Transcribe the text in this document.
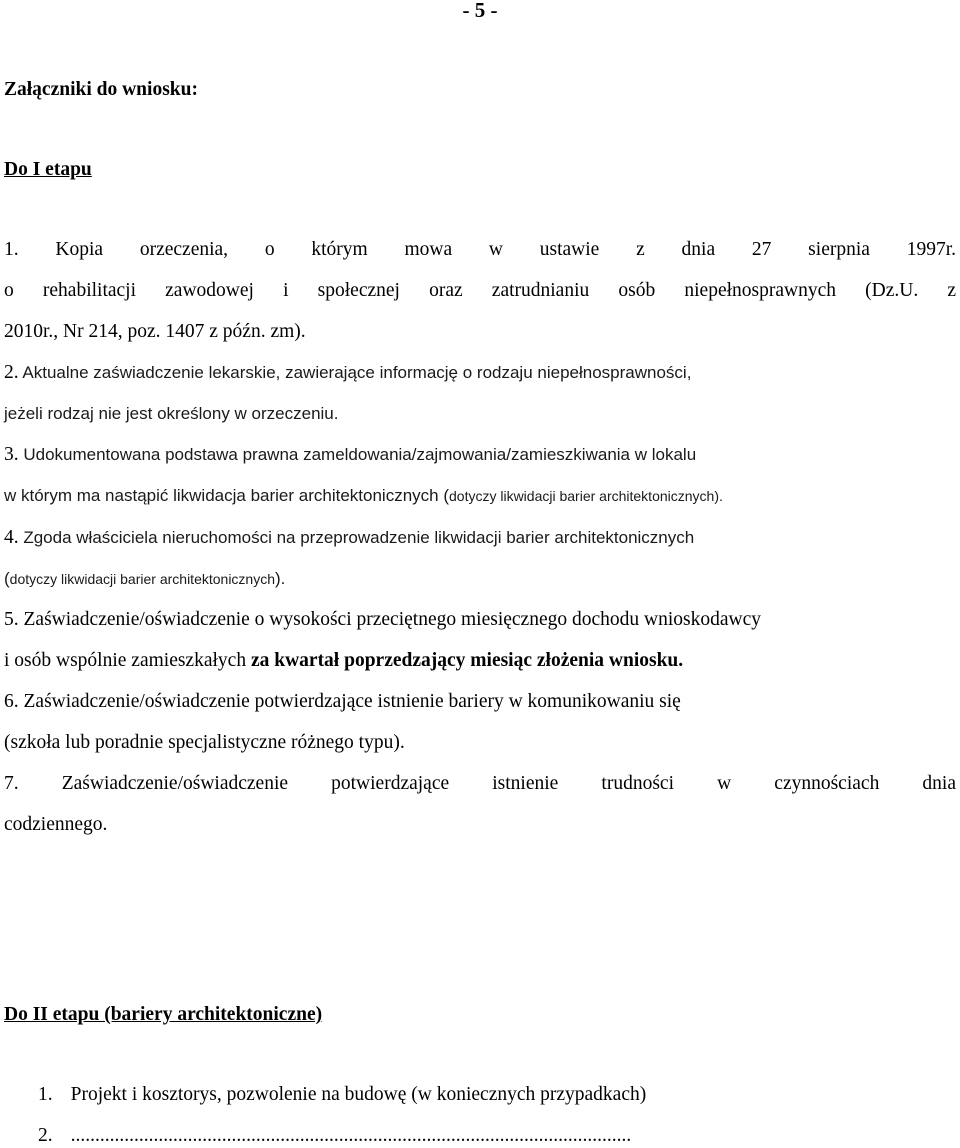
- 5 -
Załączniki do wniosku:
Do I etapu
1. Kopia orzeczenia, o którym mowa w ustawie z dnia 27 sierpnia 1997r.
o rehabilitacji zawodowej i społecznej oraz zatrudnianiu osób niepełnosprawnych (Dz.U. z
2010r., Nr 214, poz. 1407 z późn. zm).
2. Aktualne zaświadczenie lekarskie, zawierające informację o rodzaju niepełnosprawności,
jeżeli rodzaj nie jest określony w orzeczeniu.
3. Udokumentowana podstawa prawna zameldowania/zajmowania/zamieszkiwania w lokalu
w którym ma nastąpić likwidacja barier architektonicznych (dotyczy likwidacji barier architektonicznych).
4. Zgoda właściciela nieruchomości na przeprowadzenie likwidacji barier architektonicznych
(dotyczy likwidacji barier architektonicznych).
5. Zaświadczenie/oświadczenie o wysokości przeciętnego miesięcznego dochodu wnioskodawcy
i osób wspólnie zamieszkałych za kwartał poprzedzający miesiąc złożenia wniosku.
6. Zaświadczenie/oświadczenie potwierdzające istnienie bariery w komunikowaniu się
(szkoła lub poradnie specjalistyczne różnego typu).
7. Zaświadczenie/oświadczenie potwierdzające istnienie trudności w czynnościach dnia
codziennego.
Do II etapu (bariery architektoniczne)
1. Projekt i kosztorys, pozwolenie na budowę (w koniecznych przypadkach)
2. ...................................................................................................................
